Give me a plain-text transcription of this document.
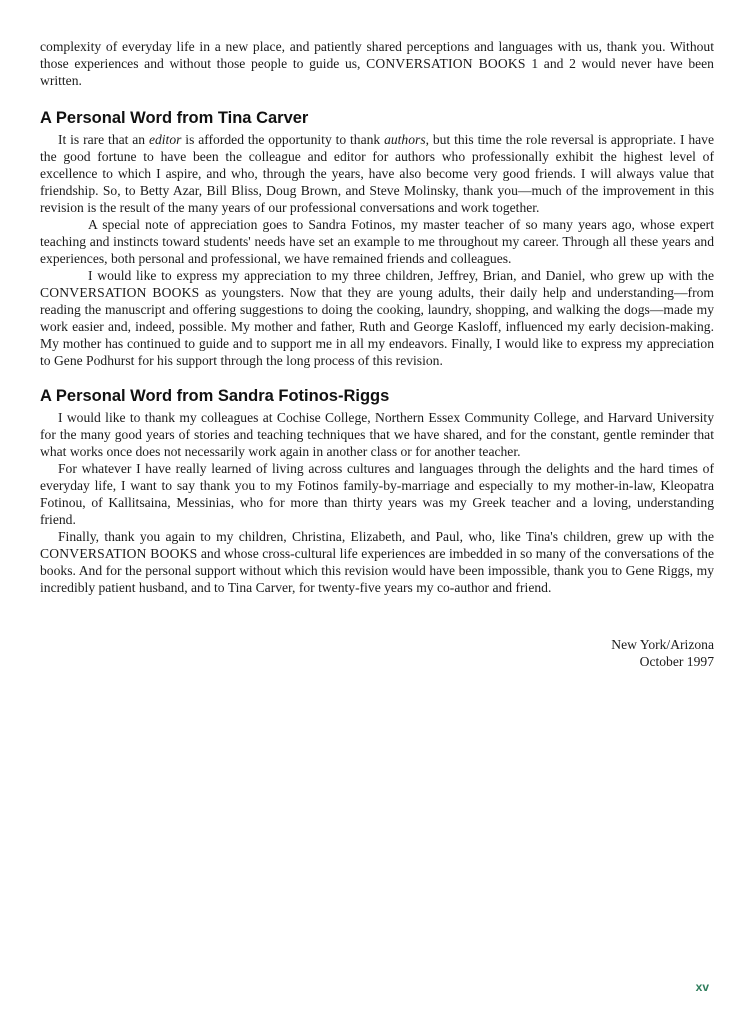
complexity of everyday life in a new place, and patiently shared perceptions and languages with us, thank you. Without those experiences and without those people to guide us, CONVERSATION BOOKS 1 and 2 would never have been written.

A Personal Word from Tina Carver

It is rare that an editor is afforded the opportunity to thank authors, but this time the role reversal is appropriate. I have the good fortune to have been the colleague and editor for authors who professionally exhibit the highest level of excellence to which I aspire, and who, through the years, have also become very good friends. I will always value that friendship. So, to Betty Azar, Bill Bliss, Doug Brown, and Steve Molinsky, thank you—much of the improvement in this revision is the result of the many years of our professional conversations and work together.

A special note of appreciation goes to Sandra Fotinos, my master teacher of so many years ago, whose expert teaching and instincts toward students' needs have set an example to me throughout my career. Through all these years and experiences, both personal and professional, we have remained friends and colleagues.

I would like to express my appreciation to my three children, Jeffrey, Brian, and Daniel, who grew up with the CONVERSATION BOOKS as youngsters. Now that they are young adults, their daily help and understanding—from reading the manuscript and offering suggestions to doing the cooking, laundry, shopping, and walking the dogs—made my work easier and, indeed, possible. My mother and father, Ruth and George Kasloff, influenced my early decision-making. My mother has continued to guide and to support me in all my endeavors. Finally, I would like to express my appreciation to Gene Podhurst for his support through the long process of this revision.

A Personal Word from Sandra Fotinos-Riggs

I would like to thank my colleagues at Cochise College, Northern Essex Community College, and Harvard University for the many good years of stories and teaching techniques that we have shared, and for the constant, gentle reminder that what works once does not necessarily work again in another class or for another teacher.

For whatever I have really learned of living across cultures and languages through the delights and the hard times of everyday life, I want to say thank you to my Fotinos family-by-marriage and especially to my mother-in-law, Kleopatra Fotinou, of Kallitsaina, Messinias, who for more than thirty years was my Greek teacher and a loving, understanding friend.

Finally, thank you again to my children, Christina, Elizabeth, and Paul, who, like Tina's children, grew up with the CONVERSATION BOOKS and whose cross-cultural life experiences are imbedded in so many of the conversations of the books. And for the personal support without which this revision would have been impossible, thank you to Gene Riggs, my incredibly patient husband, and to Tina Carver, for twenty-five years my co-author and friend.

New York/Arizona
October 1997
xv
